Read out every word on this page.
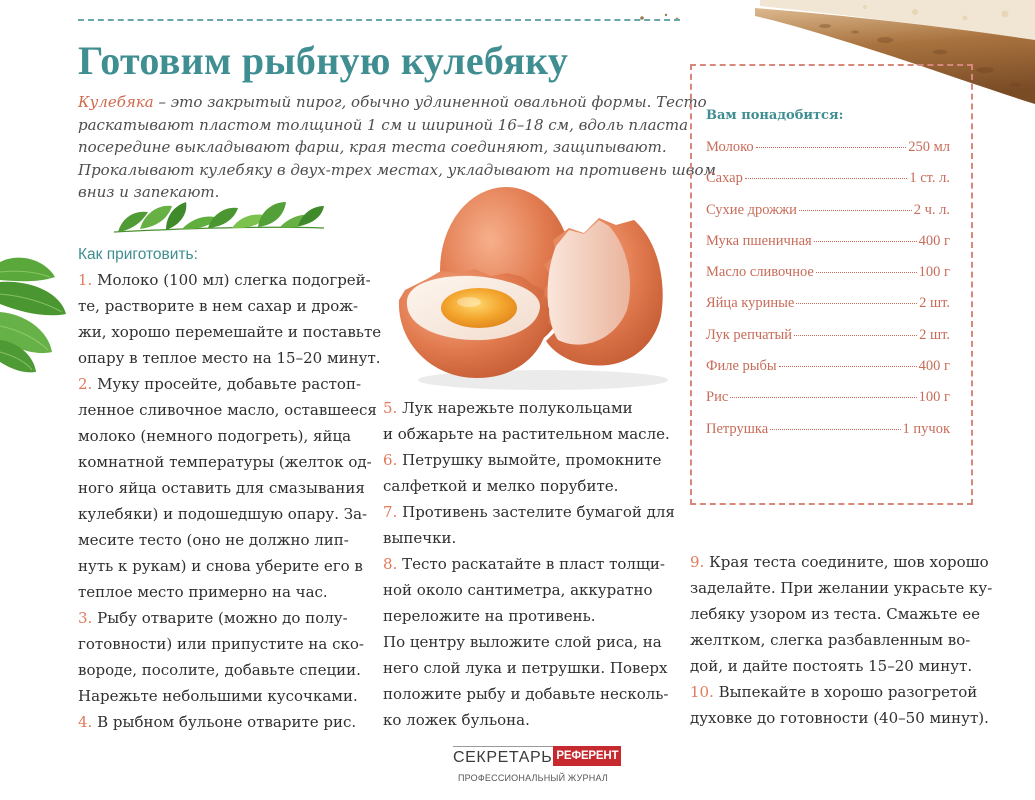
Готовим рыбную кулебяку
Кулебяка – это закрытый пирог, обычно удлиненной овальной формы. Тесто
раскатывают пластом толщиной 1 см и шириной 16–18 см, вдоль пласта
посередине выкладывают фарш, края теста соединяют, защипывают.
Прокалывают кулебяку в двух-трех местах, укладывают на противень швом
вниз и запекают.
Как приготовить:
1. Молоко (100 мл) слегка подогрей-
те, растворите в нем сахар и дрож-
жи, хорошо перемешайте и поставьте
опару в теплое место на 15–20 минут.
2. Муку просейте, добавьте растоп-
ленное сливочное масло, оставшееся
молоко (немного подогреть), яйца
комнатной температуры (желток од-
ного яйца оставить для смазывания
кулебяки) и подошедшую опару. За-
месите тесто (оно не должно лип-
нуть к рукам) и снова уберите его в
теплое место примерно на час.
3. Рыбу отварите (можно до полу-
готовности) или припустите на ско-
вороде, посолите, добавьте специи.
Нарежьте небольшими кусочками.
4. В рыбном бульоне отварите рис.
5. Лук нарежьте полукольцами
и обжарьте на растительном масле.
6. Петрушку вымойте, промокните
салфеткой и мелко порубите.
7. Противень застелите бумагой для
выпечки.
8. Тесто раскатайте в пласт толщи-
ной около сантиметра, аккуратно
переложите на противень.
По центру выложите слой риса, на
него слой лука и петрушки. Поверх
положите рыбу и добавьте несколь-
ко ложек бульона.
9. Края теста соедините, шов хорошо
заделайте. При желании украсьте ку-
лебяку узором из теста. Смажьте ее
желтком, слегка разбавленным во-
дой, и дайте постоять 15–20 минут.
10. Выпекайте в хорошо разогретой
духовке до готовности (40–50 минут).
Вам понадобится:
Молоко	250 мл
Сахар	1 ст. л.
Сухие дрожжи	2 ч. л.
Мука пшеничная	400 г
Масло сливочное	100 г
Яйца куриные	2 шт.
Лук репчатый	2 шт.
Филе рыбы	400 г
Рис	100 г
Петрушка	1 пучок
СЕКРЕТАРЬ РЕФЕРЕНТ
ПРОФЕССИОНАЛЬНЫЙ ЖУРНАЛ
